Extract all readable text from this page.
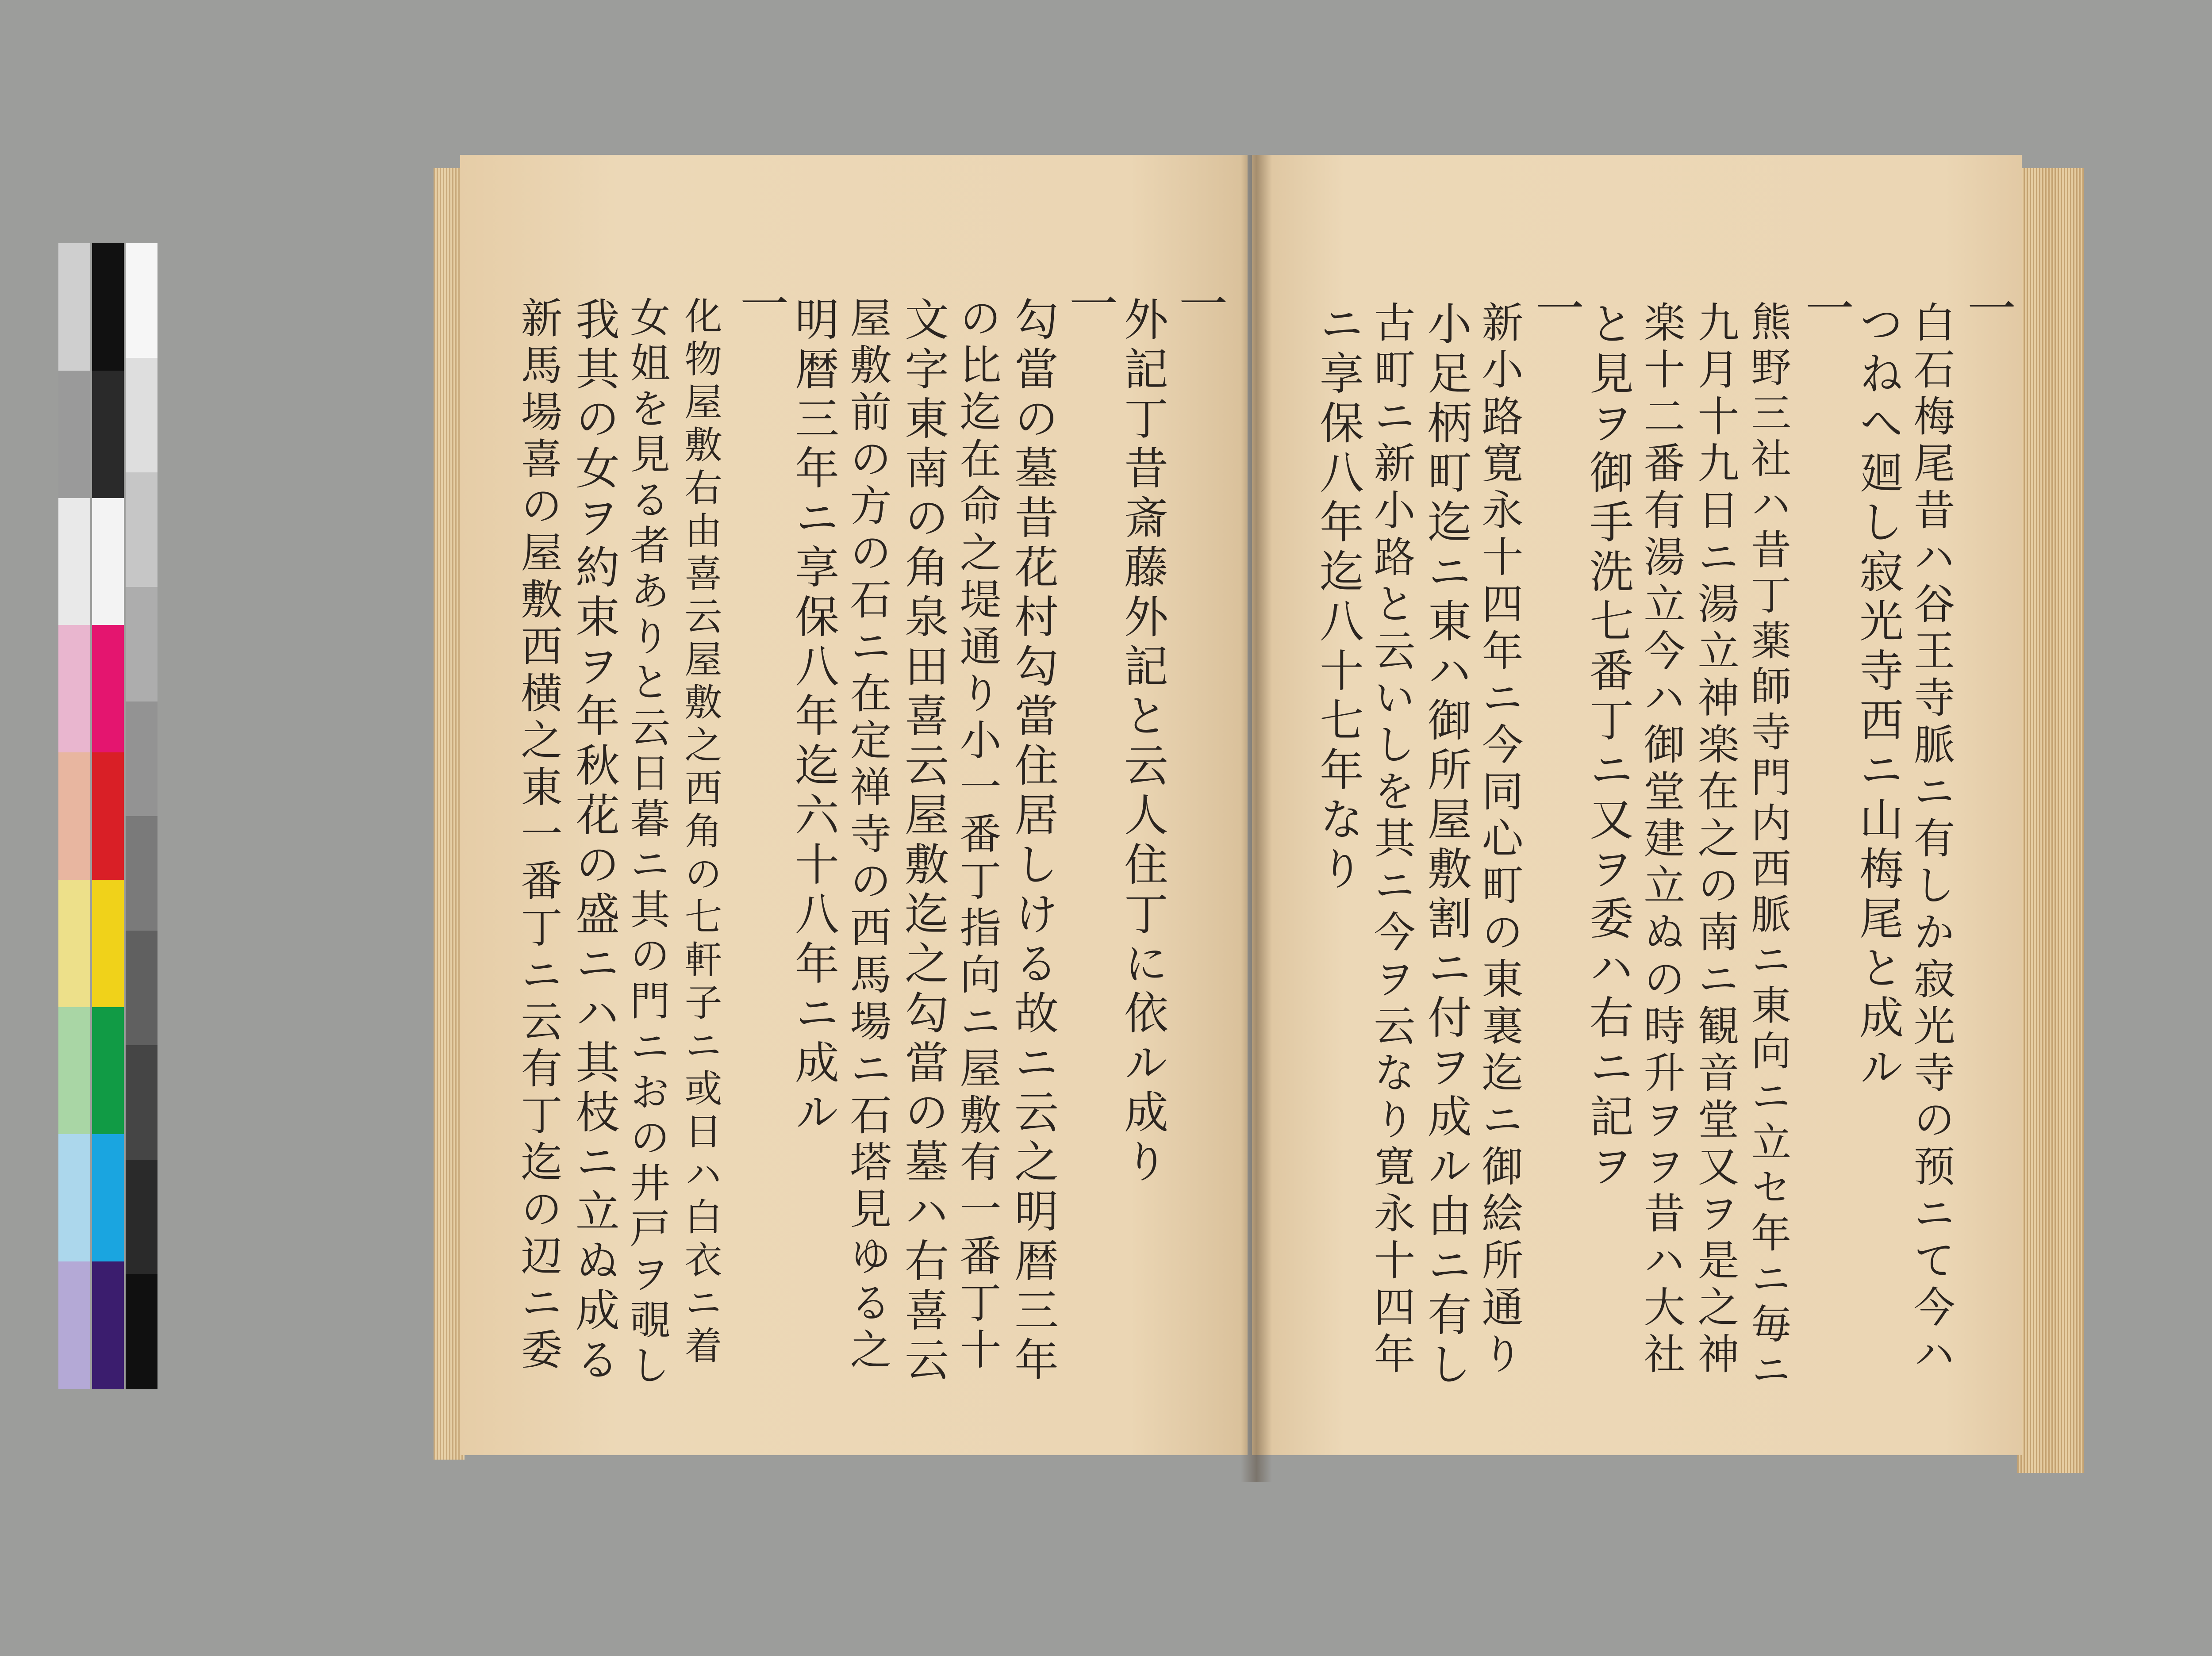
一
外記丁昔斎藤外記と云人住丁に依ル成り
一
勾當の墓昔花村勾當住居しける故ニ云之明暦三年
の比迄在命之堤通り小一番丁指向ニ屋敷有一番丁十
文字東南の角泉田喜云屋敷迄之勾當の墓ハ右喜云
屋敷前の方の石ニ在定禅寺の西馬場ニ石塔見ゆる之
明暦三年ニ享保八年迄六十八年ニ成ル
一
化物屋敷右由喜云屋敷之西角の七軒子ニ或日ハ白衣ニ着
女姐を見る者ありと云日暮ニ其の門ニおの井戸ヲ覗し
我其の女ヲ約束ヲ年秋花の盛ニハ其枝ニ立ぬ成る
新馬場喜の屋敷西横之東一番丁ニ云有丁迄の辺ニ委	一
白石梅尾昔ハ谷王寺脈ニ有しか寂光寺の预ニて今ハ
つねへ廻し寂光寺西ニ山梅尾と成ル
一
熊野三社ハ昔丁薬師寺門内西脈ニ東向ニ立セ年ニ毎ニ
九月十九日ニ湯立神楽在之の南ニ観音堂又ヲ是之神
楽十二番有湯立今ハ御堂建立ぬの時升ヲヲ昔ハ大社
と見ヲ御手洗七番丁ニ又ヲ委ハ右ニ記ヲ
一
新小路寛永十四年ニ今同心町の東裏迄ニ御絵所通り
小足柄町迄ニ東ハ御所屋敷割ニ付ヲ成ル由ニ有し
古町ニ新小路と云いしを其ニ今ヲ云なり寛永十四年
ニ享保八年迄八十七年なり
